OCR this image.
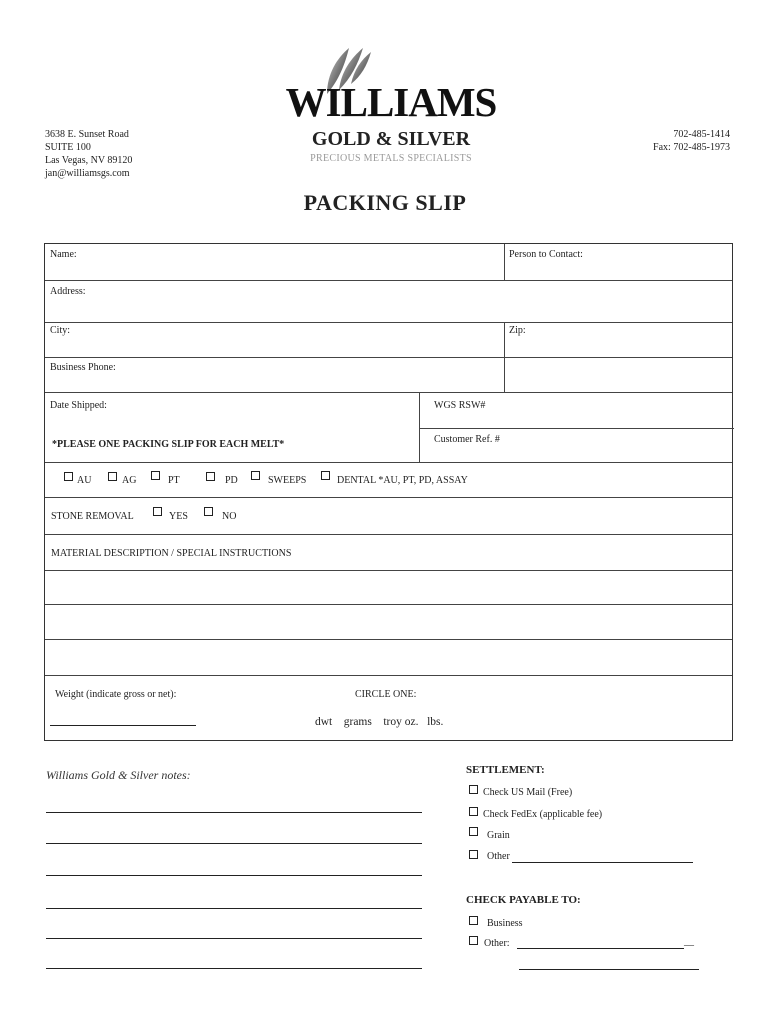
3638 E. Sunset Road
SUITE 100
Las Vegas, NV 89120
jan@williamsgs.com
702-485-1414
Fax: 702-485-1973
WILLIAMS
GOLD & SILVER
PRECIOUS METALS SPECIALISTS
PACKING SLIP
Name:	Person to Contact:
Address:
City:	Zip:
Business Phone:
Date Shipped:	WGS RSW#
*PLEASE ONE PACKING SLIP FOR EACH MELT*	Customer Ref. #
AU	AG	PT	PD	SWEEPS	DENTAL *AU, PT, PD, ASSAY
STONE REMOVAL	YES	NO
MATERIAL DESCRIPTION / SPECIAL INSTRUCTIONS
Weight (indicate gross or net):	CIRCLE ONE:
dwt    grams    troy oz.   lbs.
Williams Gold & Silver notes:	SETTLEMENT:
Check US Mail (Free)
Check FedEx (applicable fee)
Grain
Other
CHECK PAYABLE TO:
Business
Other:	__
